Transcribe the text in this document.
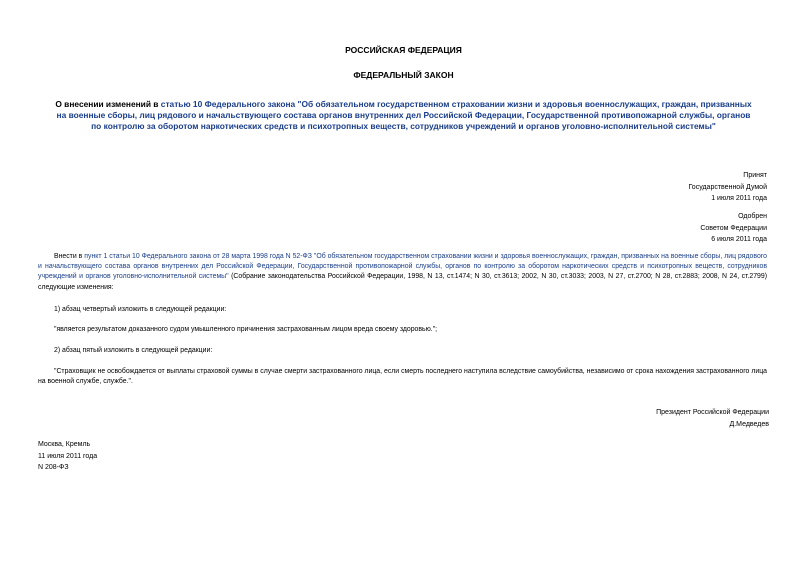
РОССИЙСКАЯ ФЕДЕРАЦИЯ
ФЕДЕРАЛЬНЫЙ ЗАКОН
О внесении изменений в статью 10 Федерального закона "Об обязательном государственном страховании жизни и здоровья военнослужащих, граждан, призванных на военные сборы, лиц рядового и начальствующего состава органов внутренних дел Российской Федерации, Государственной противопожарной службы, органов по контролю за оборотом наркотических средств и психотропных веществ, сотрудников учреждений и органов уголовно-исполнительной системы"
Принят
Государственной Думой
1 июля 2011 года
Одобрен
Советом Федерации
6 июля 2011 года
Внести в пункт 1 статьи 10 Федерального закона от 28 марта 1998 года N 52-ФЗ "Об обязательном государственном страховании жизни и здоровья военнослужащих, граждан, призванных на военные сборы, лиц рядового и начальствующего состава органов внутренних дел Российской Федерации, Государственной противопожарной службы, органов по контролю за оборотом наркотических средств и психотропных веществ, сотрудников учреждений и органов уголовно-исполнительной системы" (Собрание законодательства Российской Федерации, 1998, N 13, ст.1474; N 30, ст.3613; 2002, N 30, ст.3033; 2003, N 27, ст.2700; N 28, ст.2883; 2008, N 24, ст.2799) следующие изменения:
1) абзац четвертый изложить в следующей редакции:
"является результатом доказанного судом умышленного причинения застрахованным лицом вреда своему здоровью.";
2) абзац пятый изложить в следующей редакции:
"Страховщик не освобождается от выплаты страховой суммы в случае смерти застрахованного лица, если смерть последнего наступила вследствие самоубийства, независимо от срока нахождения застрахованного лица на военной службе, службе.".
Президент Российской Федерации
Д.Медведев
Москва, Кремль
11 июля 2011 года
N 208-ФЗ
